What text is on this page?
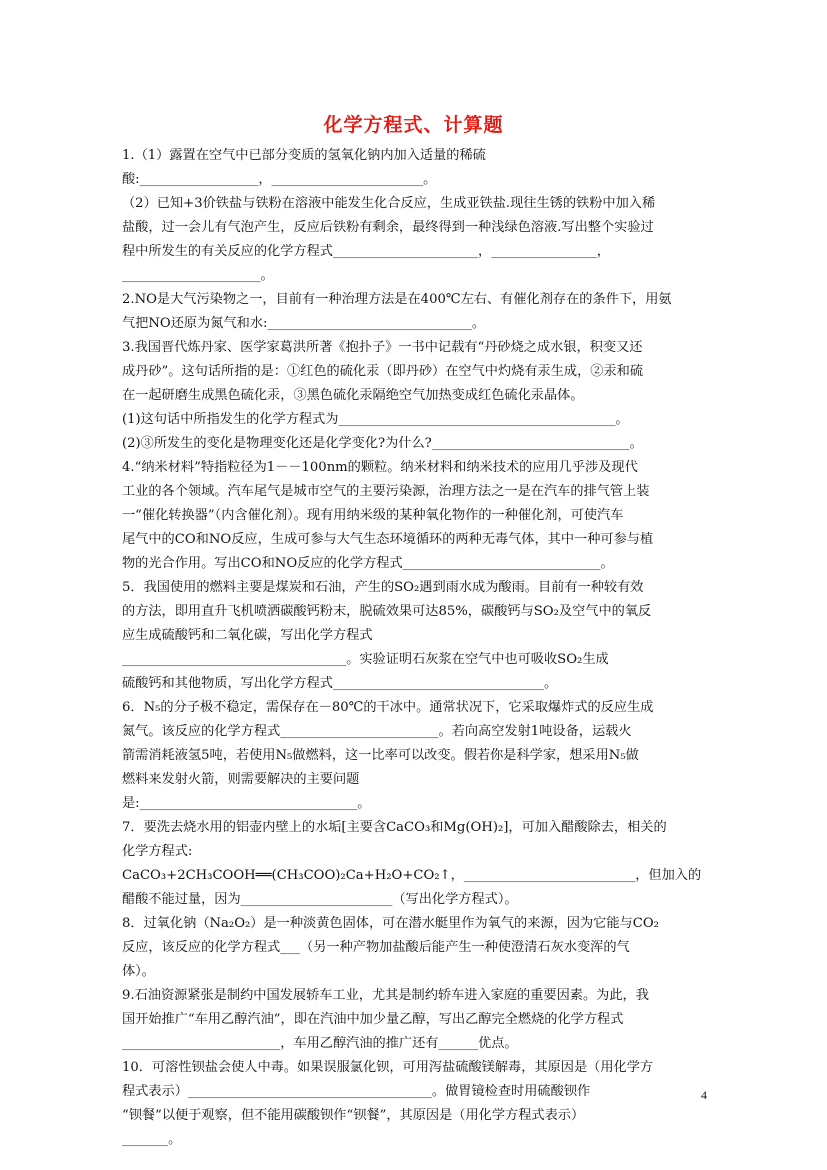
化学方程式、计算题
1.（1）露置在空气中已部分变质的氢氧化钠内加入适量的稀硫
酸:__________________，_______________________。
（2）已知+3价铁盐与铁粉在溶液中能发生化合反应，生成亚铁盐.现往生锈的铁粉中加入稀
盐酸，过一会儿有气泡产生，反应后铁粉有剩余，最终得到一种浅绿色溶液.写出整个实验过
程中所发生的有关反应的化学方程式______________________，________________，
_____________________。
2.NO是大气污染物之一，目前有一种治理方法是在400℃左右、有催化剂存在的条件下，用氨
气把NO还原为氮气和水:_______________________________。
3.我国晋代炼丹家、医学家葛洪所著《抱扑子》一书中记载有“丹砂烧之成水银，积变又还
成丹砂”。这句话所指的是：①红色的硫化汞（即丹砂）在空气中灼烧有汞生成，②汞和硫
在一起研磨生成黑色硫化汞，③黑色硫化汞隔绝空气加热变成红色硫化汞晶体。
(1)这句话中所指发生的化学方程式为__________________________________________。
(2)③所发生的变化是物理变化还是化学变化?为什么?______________________________。
4.“纳米材料”特指粒径为1－－100nm的颗粒。纳米材料和纳米技术的应用几乎涉及现代
工业的各个领域。汽车尾气是城市空气的主要污染源，治理方法之一是在汽车的排气管上装
一“催化转换器”（内含催化剂）。现有用纳米级的某种氧化物作的一种催化剂，可使汽车
尾气中的CO和NO反应，生成可参与大气生态环境循环的两种无毒气体，其中一种可参与植
物的光合作用。写出CO和NO反应的化学方程式______________________________。
5．我国使用的燃料主要是煤炭和石油，产生的SO₂遇到雨水成为酸雨。目前有一种较有效
的方法，即用直升飞机喷洒碳酸钙粉末，脱硫效果可达85%，碳酸钙与SO₂及空气中的氧反
应生成硫酸钙和二氧化碳，写出化学方程式
__________________________________。实验证明石灰浆在空气中也可吸收SO₂生成
硫酸钙和其他物质，写出化学方程式________________________________。
6．N₅的分子极不稳定，需保存在－80℃的干冰中。通常状况下，它采取爆炸式的反应生成
氮气。该反应的化学方程式________________________。若向高空发射1吨设备，运载火
箭需消耗液氢5吨，若使用N₅做燃料，这一比率可以改变。假若你是科学家，想采用N₅做
燃料来发射火箭，则需要解决的主要问题
是:_________________________________。
7．要洗去烧水用的铝壶内壁上的水垢[主要含CaCO₃和Mg(OH)₂]，可加入醋酸除去，相关的
化学方程式:
CaCO₃+2CH₃COOH══(CH₃COO)₂Ca+H₂O+CO₂↑，__________________________，但加入的
醋酸不能过量，因为_______________________（写出化学方程式）。
8．过氧化钠（Na₂O₂）是一种淡黄色固体，可在潜水艇里作为氧气的来源，因为它能与CO₂
反应，该反应的化学方程式___（另一种产物加盐酸后能产生一种使澄清石灰水变浑的气
体）。
9.石油资源紧张是制约中国发展轿车工业，尤其是制约轿车进入家庭的重要因素。为此，我
国开始推广“车用乙醇汽油”，即在汽油中加少量乙醇，写出乙醇完全燃烧的化学方程式
________________________，车用乙醇汽油的推广还有______优点。
10．可溶性钡盐会使人中毒。如果误服氯化钡，可用泻盐硫酸镁解毒，其原因是（用化学方
程式表示）_____________________________________。做胃镜检查时用硫酸钡作
“钡餐”以便于观察，但不能用碳酸钡作“钡餐”，其原因是（用化学方程式表示）
_______。
4
